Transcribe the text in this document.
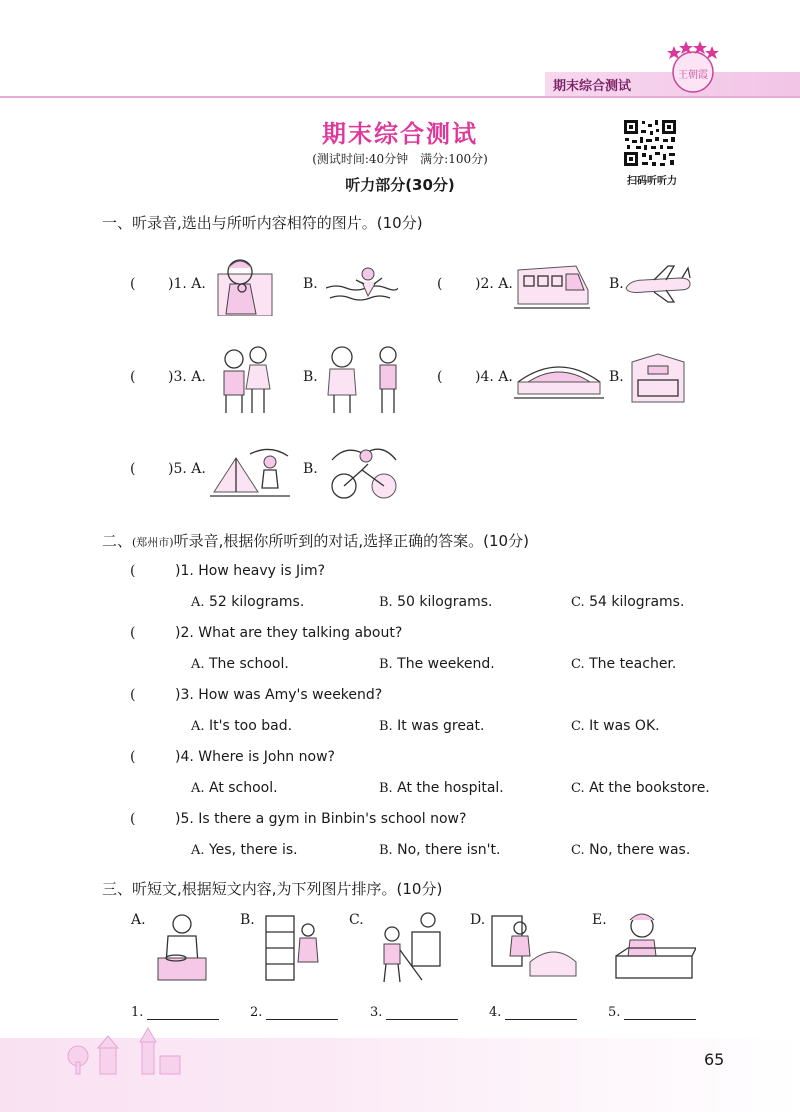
期末综合测试
王朝霞
期末综合测试
(测试时间:40分钟　满分:100分)
听力部分(30分)	扫码听听力
一、听录音,选出与所听内容相符的图片。(10分)
( )1. A.	B.	( )2. A.	B.
( )3. A.	B.	( )4. A.	B.
( )5. A.	B.
二、(郑州市)听录音,根据你所听到的对话,选择正确的答案。(10分)
(	)1. How heavy is Jim?
A. 52 kilograms.	B. 50 kilograms.	C. 54 kilograms.
(	)2. What are they talking about?
A. The school.	B. The weekend.	C. The teacher.
(	)3. How was Amy's weekend?
A. It's too bad.	B. It was great.	C. It was OK.
(	)4. Where is John now?
A. At school.	B. At the hospital.	C. At the bookstore.
(	)5. Is there a gym in Binbin's school now?
A. Yes, there is.	B. No, there isn't.	C. No, there was.
三、听短文,根据短文内容,为下列图片排序。(10分)
A.	B.	C.	D.	E.
1.	2.	3.	4.	5.
65
